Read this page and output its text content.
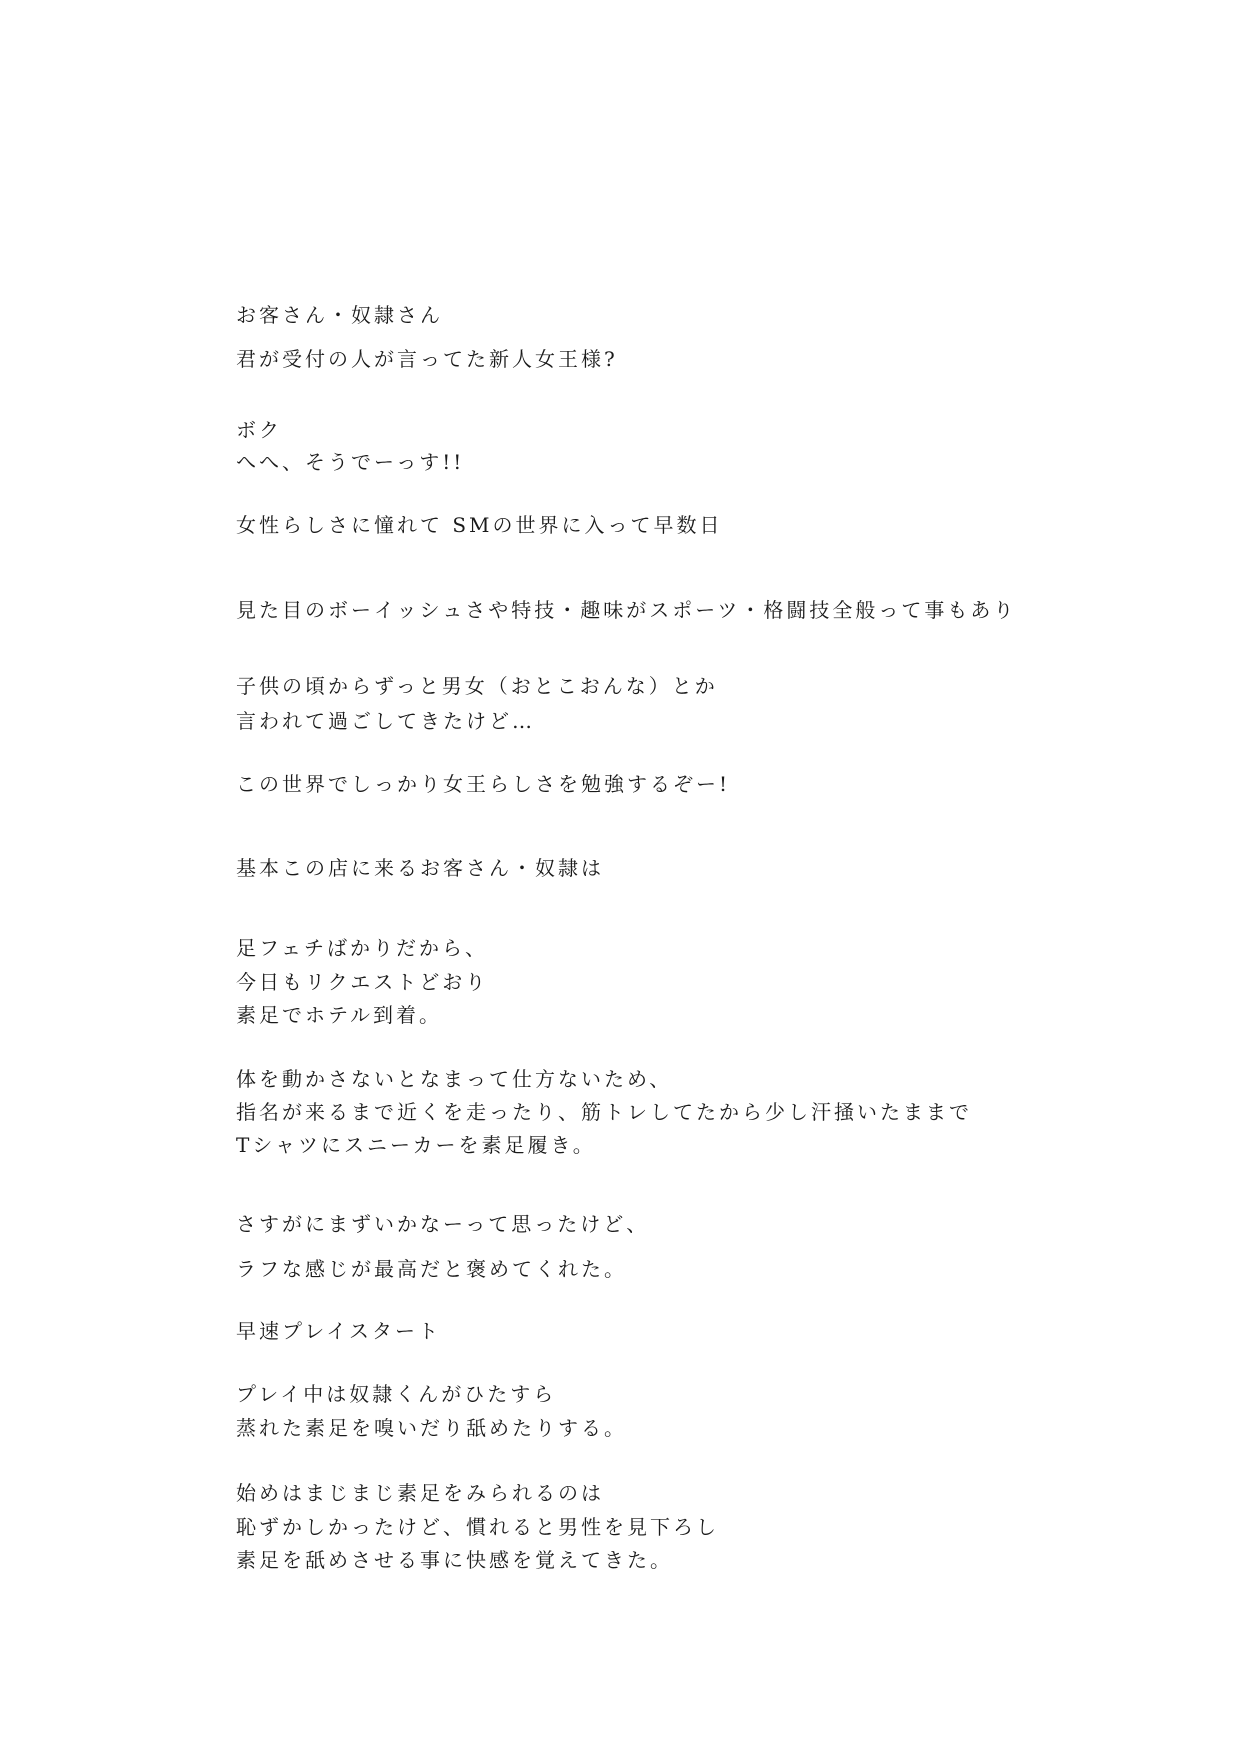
お客さん・奴隷さん
君が受付の人が言ってた新人女王様?
ボク
へへ、そうでーっす!!
女性らしさに憧れて SMの世界に入って早数日
見た目のボーイッシュさや特技・趣味がスポーツ・格闘技全般って事もあり
子供の頃からずっと男女（おとこおんな）とか
言われて過ごしてきたけど…
この世界でしっかり女王らしさを勉強するぞー!
基本この店に来るお客さん・奴隷は
足フェチばかりだから、
今日もリクエストどおり
素足でホテル到着。
体を動かさないとなまって仕方ないため、
指名が来るまで近くを走ったり、筋トレしてたから少し汗掻いたままで
Tシャツにスニーカーを素足履き。
さすがにまずいかなーって思ったけど、
ラフな感じが最高だと褒めてくれた。
早速プレイスタート
プレイ中は奴隷くんがひたすら
蒸れた素足を嗅いだり舐めたりする。
始めはまじまじ素足をみられるのは
恥ずかしかったけど、慣れると男性を見下ろし
素足を舐めさせる事に快感を覚えてきた。
